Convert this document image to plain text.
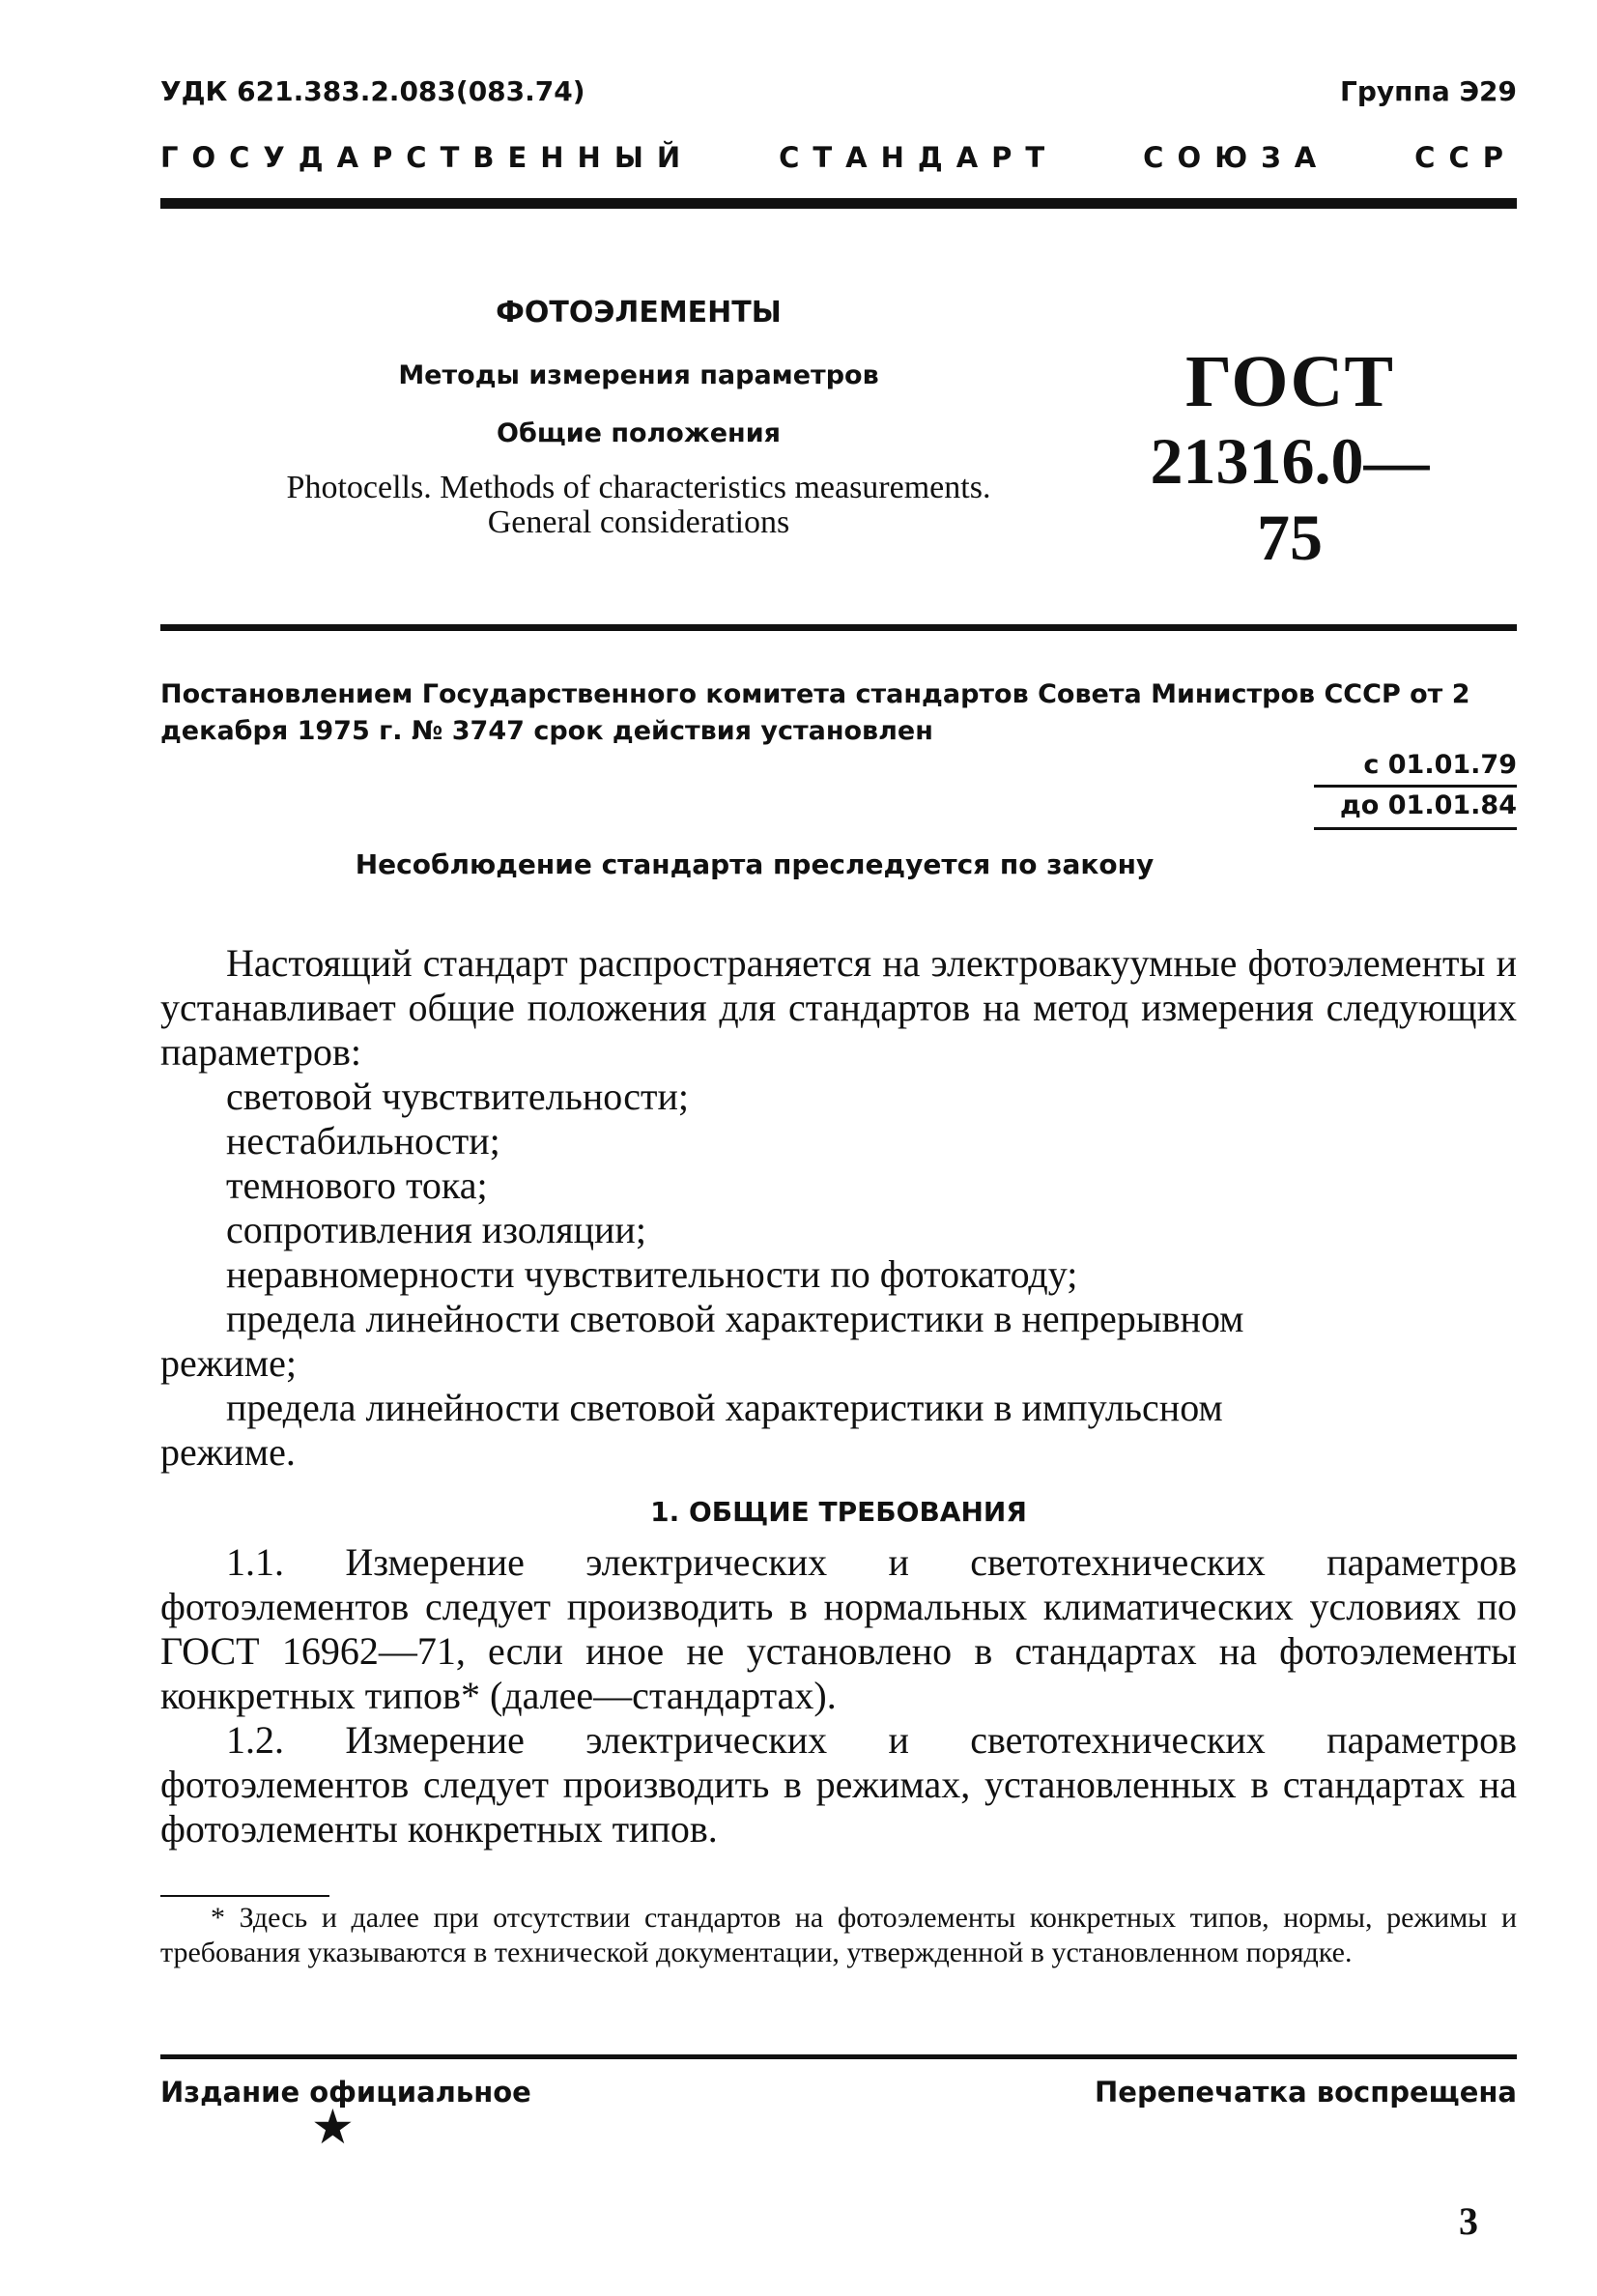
УДК 621.383.2.083(083.74)	Группа Э29
ГОСУДАРСТВЕННЫЙ	СТАНДАРТ	СОЮЗА	ССР
ФОТОЭЛЕМЕНТЫ
Методы измерения параметров
Общие положения
Photocells. Methods of characteristics measurements.
General considerations
ГОСТ
21316.0—75
Постановлением Государственного комитета стандартов Совета Министров СССР от 2 декабря 1975 г. № 3747 срок действия установлен
с 01.01.79
до 01.01.84
Несоблюдение стандарта преследуется по закону
Настоящий стандарт распространяется на электровакуумные фотоэлементы и устанавливает общие положения для стандартов на метод измерения следующих параметров:
световой чувствительности;
нестабильности;
темнового тока;
сопротивления изоляции;
неравномерности чувствительности по фотокатоду;
предела линейности световой характеристики в непрерывном
режиме;
предела линейности световой характеристики в импульсном
режиме.
1. ОБЩИЕ ТРЕБОВАНИЯ
1.1. Измерение электрических и светотехнических параметров фотоэлементов следует производить в нормальных климатических условиях по ГОСТ 16962—71, если иное не установлено в стандартах на фотоэлементы конкретных типов* (далее—стандартах).
1.2. Измерение электрических и светотехнических параметров фотоэлементов следует производить в режимах, установленных в стандартах на фотоэлементы конкретных типов.
* Здесь и далее при отсутствии стандартов на фотоэлементы конкретных типов, нормы, режимы и требования указываются в технической документации, утвержденной в установленном порядке.
Издание официальное	Перепечатка воспрещена
★
3
